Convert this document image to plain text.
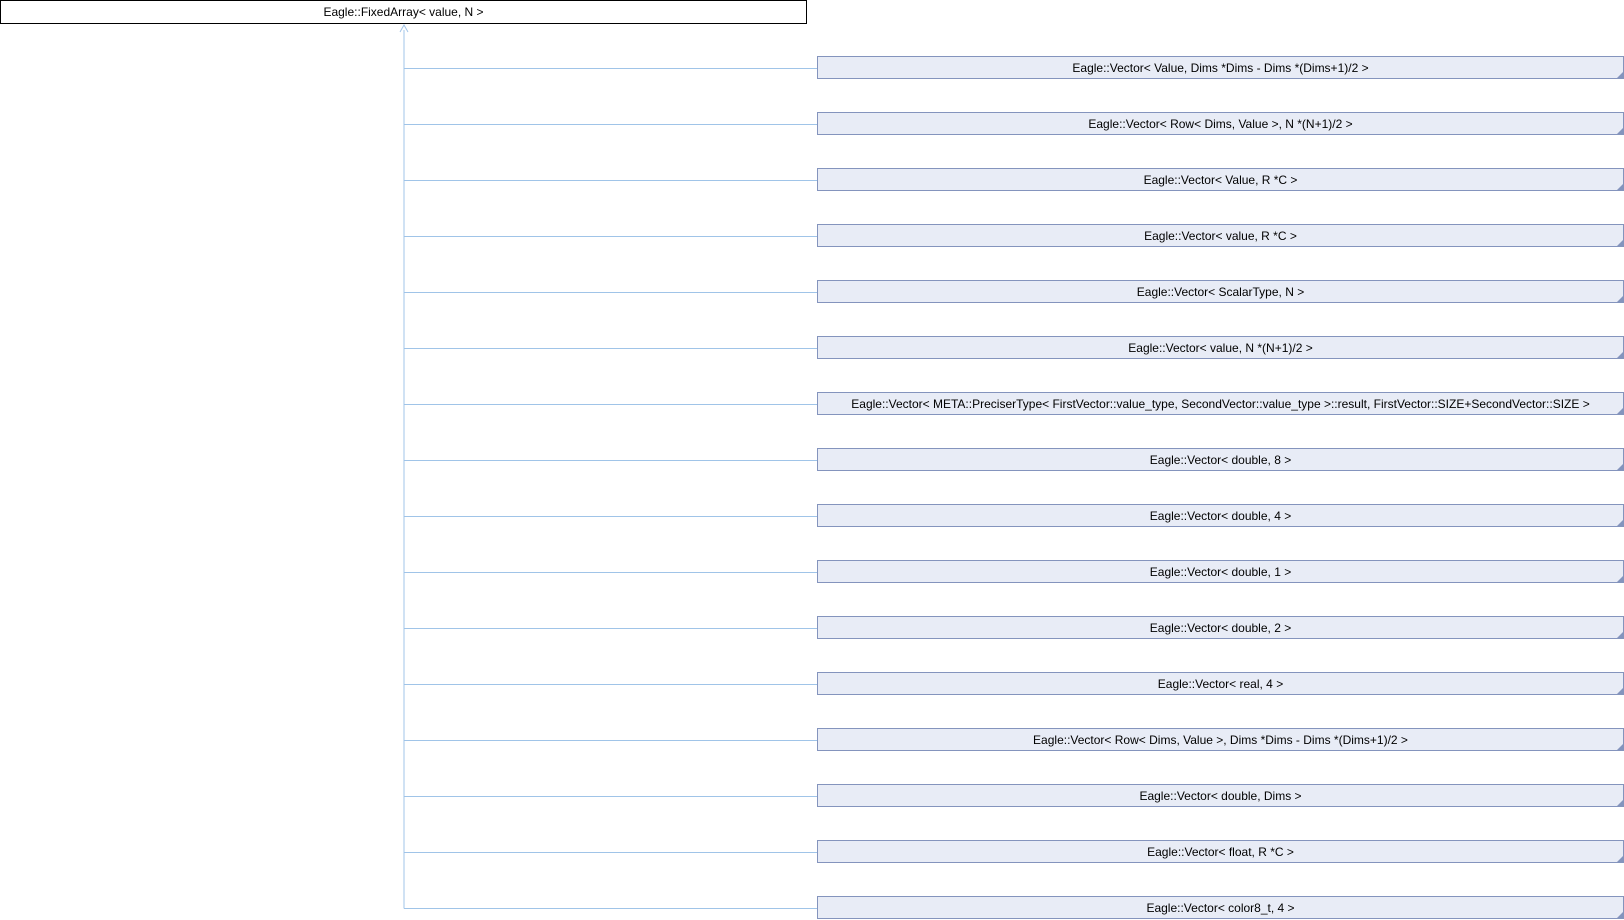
Eagle::FixedArray< value, N >
Eagle::Vector< Value, Dims *Dims - Dims *(Dims+1)/2 >
Eagle::Vector< Row< Dims, Value >, N *(N+1)/2 >
Eagle::Vector< Value, R *C >
Eagle::Vector< value, R *C >
Eagle::Vector< ScalarType, N >
Eagle::Vector< value, N *(N+1)/2 >
Eagle::Vector< META::PreciserType< FirstVector::value_type, SecondVector::value_type >::result, FirstVector::SIZE+SecondVector::SIZE >
Eagle::Vector< double, 8 >
Eagle::Vector< double, 4 >
Eagle::Vector< double, 1 >
Eagle::Vector< double, 2 >
Eagle::Vector< real, 4 >
Eagle::Vector< Row< Dims, Value >, Dims *Dims - Dims *(Dims+1)/2 >
Eagle::Vector< double, Dims >
Eagle::Vector< float, R *C >
Eagle::Vector< color8_t, 4 >
